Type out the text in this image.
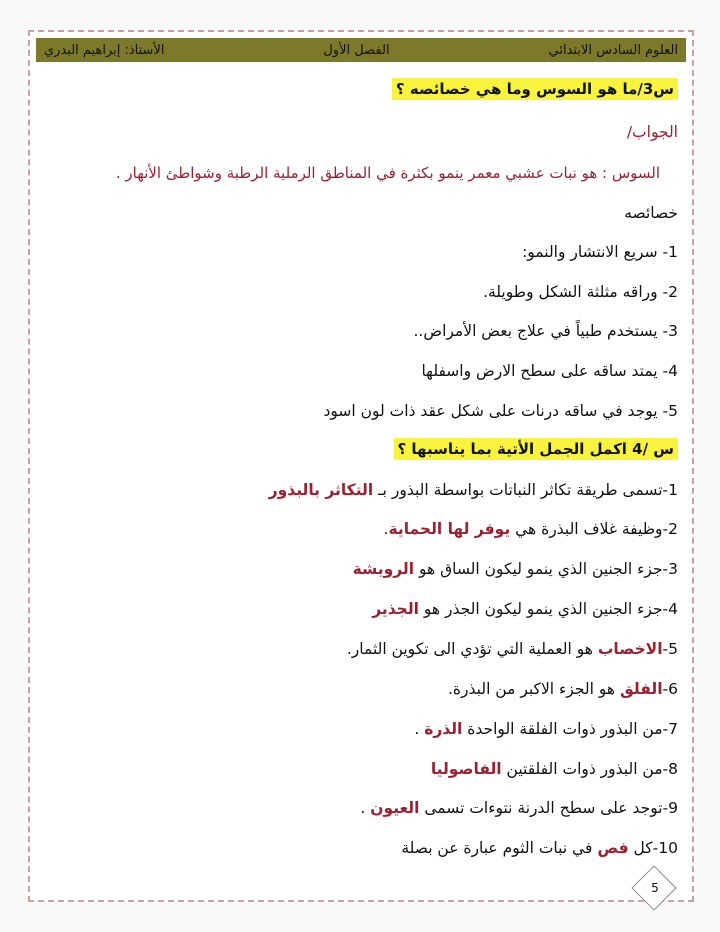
العلوم السادس الابتدائي
الفصل الأول
الأستاذ: إبراهيم البدري
س3/ما هو السوس وما هي خصائصه ؟
الجواب/
السوس : هو نبات عشبي معمر ينمو بكثرة في المناطق الرملية الرطبة وشواطئ الأنهار .
خصائصه
1- سريع الانتشار والنمو:
2- وراقه مثلثة الشكل وطويلة.
3- يستخدم طبياً في علاج بعض الأمراض..
4- يمتد ساقه على سطح الارض واسفلها
5- يوجد في ساقه درنات على شكل عقد ذات لون اسود
س /4 اكمل الجمل الأتية بما يناسبها ؟
1-تسمى طريقة تكاثر النباتات بواسطة البذور بـ التكاثر بالبذور
2-وظيفة غلاف البذرة هي يوفر لها الحماية.
3-جزء الجنين الذي ينمو ليكون الساق هو الرويشة
4-جزء الجنين الذي ينمو ليكون الجذر هو الجذير
5-الاخصاب هو العملية التي تؤدي الى تكوين الثمار.
6-الفلق هو الجزء الاكبر من البذرة.
7-من البذور ذوات الفلقة الواحدة الذرة .
8-من البذور ذوات الفلقتين الفاصوليا
9-توجد على سطح الدرنة نتوءات تسمى العيون .
10-كل فص في نبات الثوم عبارة عن بصلة
5
